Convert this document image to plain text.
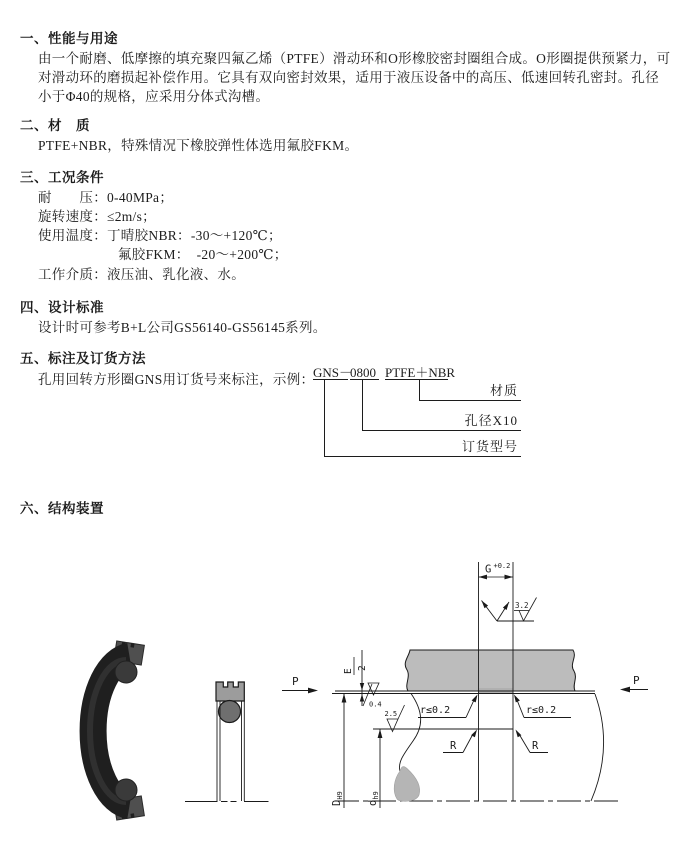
一、性能与用途
由一个耐磨、低摩擦的填充聚四氟乙烯（PTFE）滑动环和O形橡胶密封圈组合成。O形圈提供预紧力，可
对滑动环的磨损起补偿作用。它具有双向密封效果，适用于液压设备中的高压、低速回转孔密封。孔径
小于Φ40的规格，应采用分体式沟槽。
二、材　质
PTFE+NBR，特殊情况下橡胶弹性体选用氟胶FKM。
三、工况条件
耐　　压：0-40MPa；
旋转速度：≤2m/s；
使用温度：丁晴胶NBR：-30～+120℃；
氟胶FKM：　-20～+200℃；
工作介质：液压油、乳化液、水。
四、设计标准
设计时可参考B+L公司GS56140-GS56145系列。
五、标注及订货方法
孔用回转方形圈GNS用订货号来标注，示例：
GNS－
0800 PTFE＋NBR
材质
孔径X10
订货型号
六、结构装置
G +0.2
3.2
0.4
2.5
E
2
P	P
r≤0.2	r≤0.2
R	R
DH9
dh9
